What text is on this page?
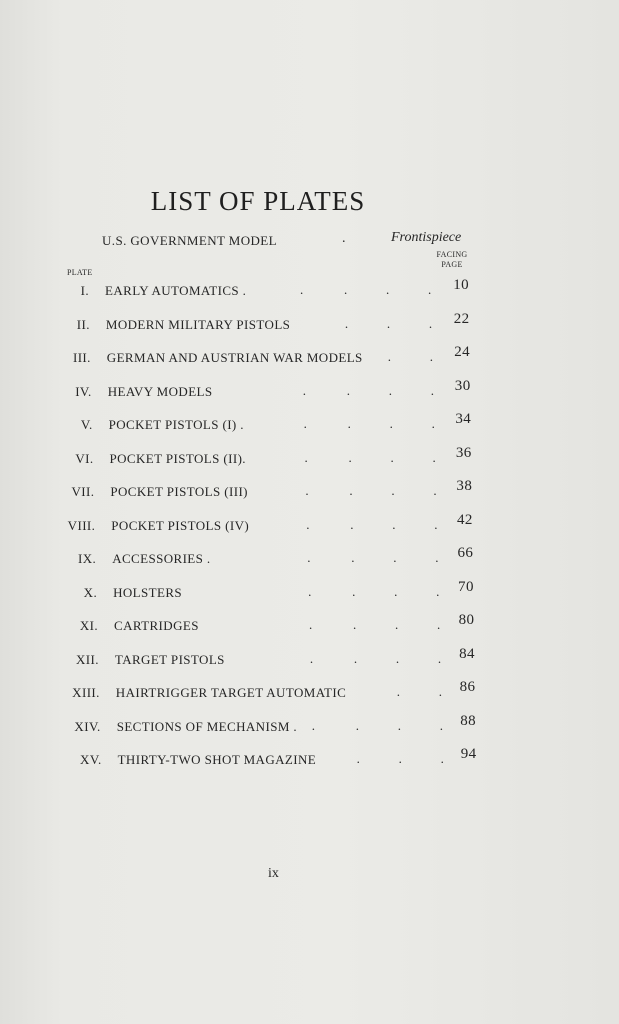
LIST OF PLATES
U.S. GOVERNMENT MODEL	.	Frontispiece
FACING
PAGE
PLATE
I. EARLY AUTOMATICS .	.	.	.	.	10
II. MODERN MILITARY PISTOLS	.	.	.	22
III. GERMAN AND AUSTRIAN WAR MODELS .	.	24
IV. HEAVY MODELS	.	.	.	.	30
V. POCKET PISTOLS (I) .	.	.	.	.	34
VI. POCKET PISTOLS (II).	.	.	.	.	36
VII. POCKET PISTOLS (III)	.	.	.	.	38
VIII. POCKET PISTOLS (IV)	.	.	.	.	42
IX. ACCESSORIES .	.	.	.	.	66
X. HOLSTERS	.	.	.	.	70
XI. CARTRIDGES	.	.	.	.	80
XII. TARGET PISTOLS	.	.	.	.	84
XIII. HAIRTRIGGER TARGET AUTOMATIC	.	.	86
XIV. SECTIONS OF MECHANISM . .	.	.	.	88
XV. THIRTY-TWO SHOT MAGAZINE	.	.	.	94
ix
